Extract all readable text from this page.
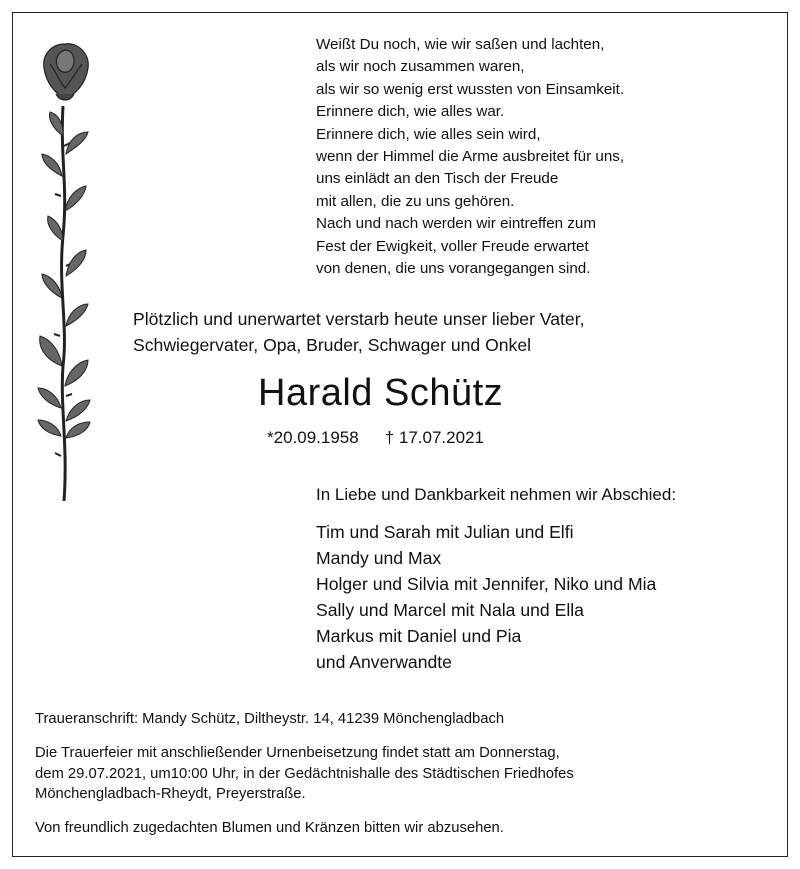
Weißt Du noch, wie wir saßen und lachten,
als wir noch zusammen waren,
als wir so wenig erst wussten von Einsamkeit.
Erinnere dich, wie alles war.
Erinnere dich, wie alles sein wird,
wenn der Himmel die Arme ausbreitet für uns,
uns einlädt an den Tisch der Freude
mit allen, die zu uns gehören.
Nach und nach werden wir eintreffen zum
Fest der Ewigkeit, voller Freude erwartet
von denen, die uns vorangegangen sind.
Plötzlich und unerwartet verstarb heute unser lieber Vater,
Schwiegervater, Opa, Bruder, Schwager und Onkel
Harald Schütz
*20.09.1958 † 17.07.2021
In Liebe und Dankbarkeit nehmen wir Abschied:
Tim und Sarah mit Julian und Elfi
Mandy und Max
Holger und Silvia mit Jennifer, Niko und Mia
Sally und Marcel mit Nala und Ella
Markus mit Daniel und Pia
und Anverwandte
Traueranschrift: Mandy Schütz, Diltheystr. 14, 41239 Mönchengladbach
Die Trauerfeier mit anschließender Urnenbeisetzung findet statt am Donnerstag,
dem 29.07.2021, um10:00 Uhr, in der Gedächtnishalle des Städtischen Friedhofes
Mönchengladbach-Rheydt, Preyerstraße.
Von freundlich zugedachten Blumen und Kränzen bitten wir abzusehen.
